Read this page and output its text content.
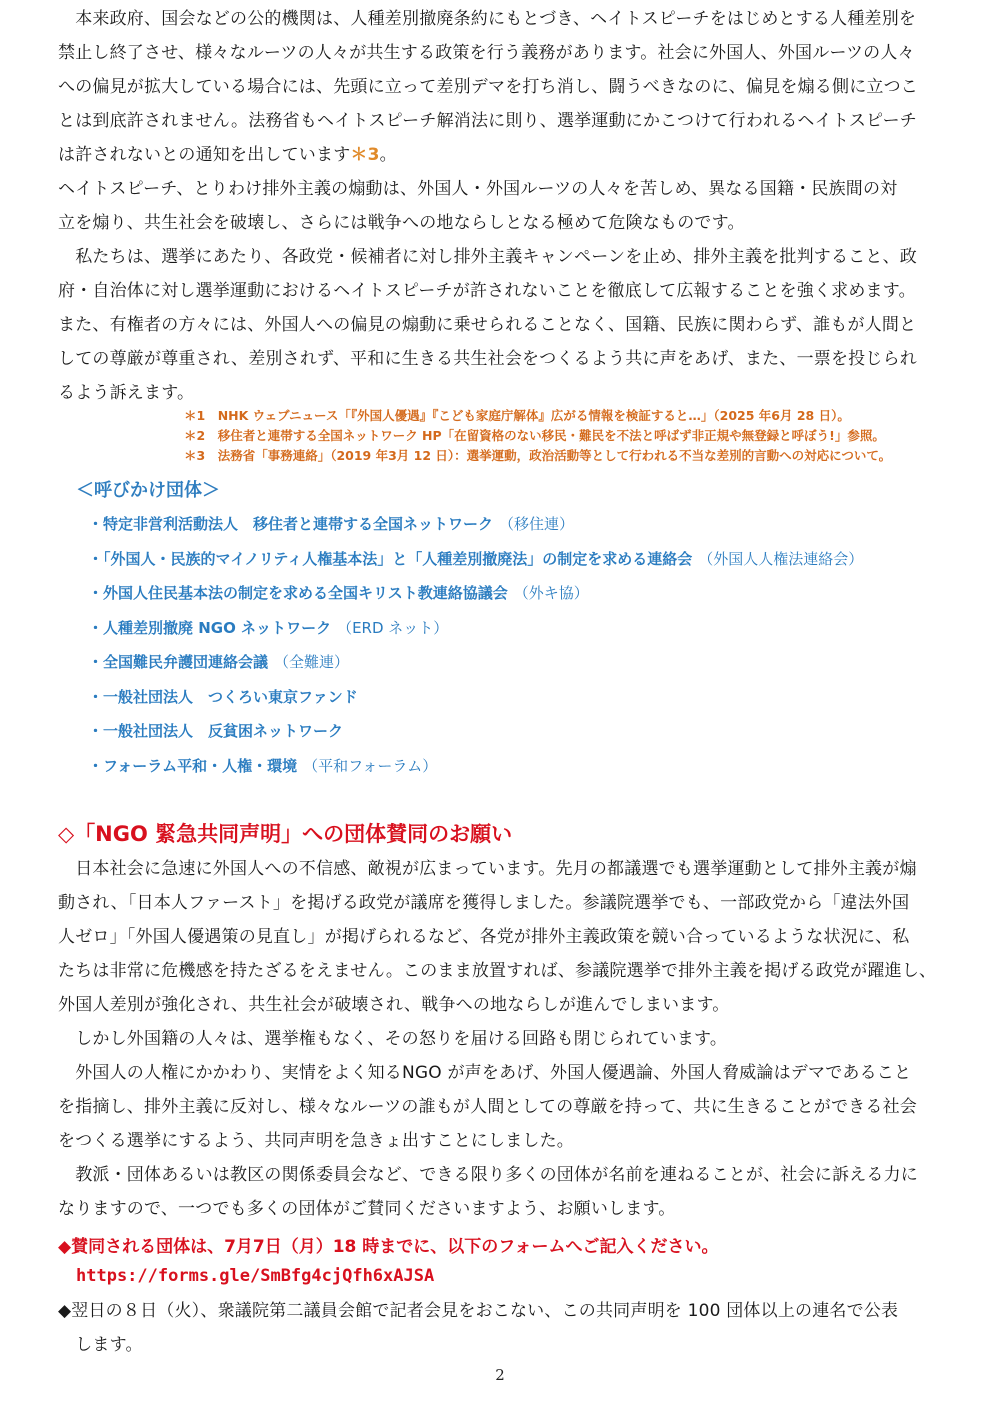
　本来政府、国会などの公的機関は、人種差別撤廃条約にもとづき、ヘイトスピーチをはじめとする人種差別を
禁止し終了させ、様々なルーツの人々が共生する政策を行う義務があります。社会に外国人、外国ルーツの人々
への偏見が拡大している場合には、先頭に立って差別デマを打ち消し、闘うべきなのに、偏見を煽る側に立つこ
とは到底許されません。法務省もヘイトスピーチ解消法に則り、選挙運動にかこつけて行われるヘイトスピーチ
は許されないとの通知を出しています＊3。
ヘイトスピーチ、とりわけ排外主義の煽動は、外国人・外国ルーツの人々を苦しめ、異なる国籍・民族間の対
立を煽り、共生社会を破壊し、さらには戦争への地ならしとなる極めて危険なものです。
　私たちは、選挙にあたり、各政党・候補者に対し排外主義キャンペーンを止め、排外主義を批判すること、政
府・自治体に対し選挙運動におけるヘイトスピーチが許されないことを徹底して広報することを強く求めます。
また、有権者の方々には、外国人への偏見の煽動に乗せられることなく、国籍、民族に関わらず、誰もが人間と
しての尊厳が尊重され、差別されず、平和に生きる共生社会をつくるよう共に声をあげ、また、一票を投じられ
るよう訴えます。
＊1　NHK ウェブニュース「『外国人優遇』『こども家庭庁解体』広がる情報を検証すると…」（2025 年6月 28 日）。
＊2　移住者と連帯する全国ネットワーク HP「在留資格のない移民・難民を不法と呼ばず非正規や無登録と呼ぼう!」参照。
＊3　法務省「事務連絡」（2019 年3月 12 日）：選挙運動，政治活動等として行われる不当な差別的言動への対応について。

＜呼びかけ団体＞

・特定非営利活動法人　移住者と連帯する全国ネットワーク （移住連）
・「外国人・民族的マイノリティ人権基本法」と「人種差別撤廃法」の制定を求める連絡会 （外国人人権法連絡会）
・外国人住民基本法の制定を求める全国キリスト教連絡協議会 （外キ協）
・人種差別撤廃 NGO ネットワーク （ERD ネット）
・全国難民弁護団連絡会議 （全難連）
・一般社団法人　つくろい東京ファンド
・一般社団法人　反貧困ネットワーク
・フォーラム平和・人権・環境 （平和フォーラム）
◇「NGO 緊急共同声明」への団体賛同のお願い
　日本社会に急速に外国人への不信感、敵視が広まっています。先月の都議選でも選挙運動として排外主義が煽
動され、「日本人ファースト」を掲げる政党が議席を獲得しました。参議院選挙でも、一部政党から「違法外国
人ゼロ」「外国人優遇策の見直し」が掲げられるなど、各党が排外主義政策を競い合っているような状況に、私
たちは非常に危機感を持たざるをえません。このまま放置すれば、参議院選挙で排外主義を掲げる政党が躍進し、
外国人差別が強化され、共生社会が破壊され、戦争への地ならしが進んでしまいます。
　しかし外国籍の人々は、選挙権もなく、その怒りを届ける回路も閉じられています。
　外国人の人権にかかわり、実情をよく知るNGO が声をあげ、外国人優遇論、外国人脅威論はデマであること
を指摘し、排外主義に反対し、様々なルーツの誰もが人間としての尊厳を持って、共に生きることができる社会
をつくる選挙にするよう、共同声明を急きょ出すことにしました。
　教派・団体あるいは教区の関係委員会など、できる限り多くの団体が名前を連ねることが、社会に訴える力に
なりますので、一つでも多くの団体がご賛同くださいますよう、お願いします。

◆賛同される団体は、7月7日（月）18 時までに、以下のフォームへご記入ください。

https://forms.gle/SmBfg4cjQfh6xAJSA
◆翌日の８日（火）、衆議院第二議員会館で記者会見をおこない、この共同声明を 100 団体以上の連名で公表
　します。
2
